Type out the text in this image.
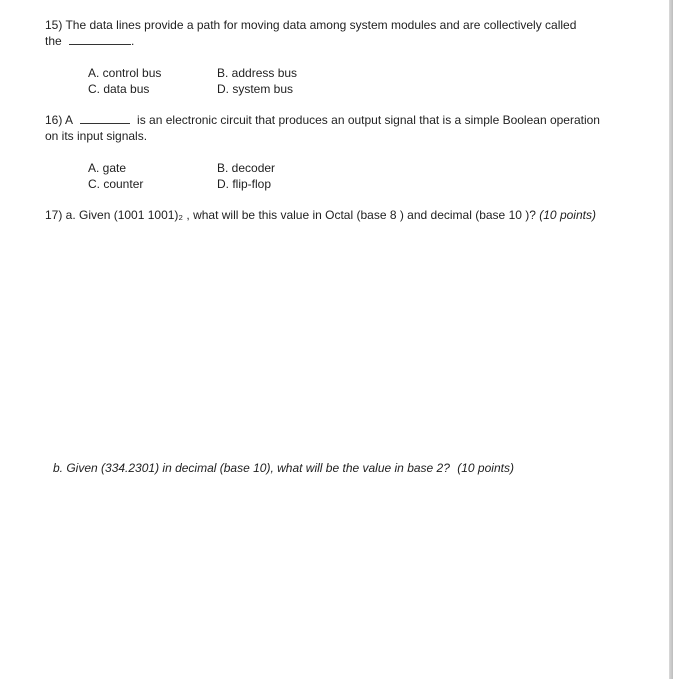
15) The data lines provide a path for moving data among system modules and are collectively called
the	.
A. control bus	B. address bus
C. data bus	D. system bus
16) A	is an electronic circuit that produces an output signal that is a simple Boolean operation
on its input signals.
A. gate	B. decoder
C. counter	D. flip-flop
17) a. Given (1001 1001)₂ , what will be this value in Octal (base 8 ) and decimal (base 10 )? (10 points)
b. Given (334.2301) in decimal (base 10), what will be the value in base 2? (10 points)
